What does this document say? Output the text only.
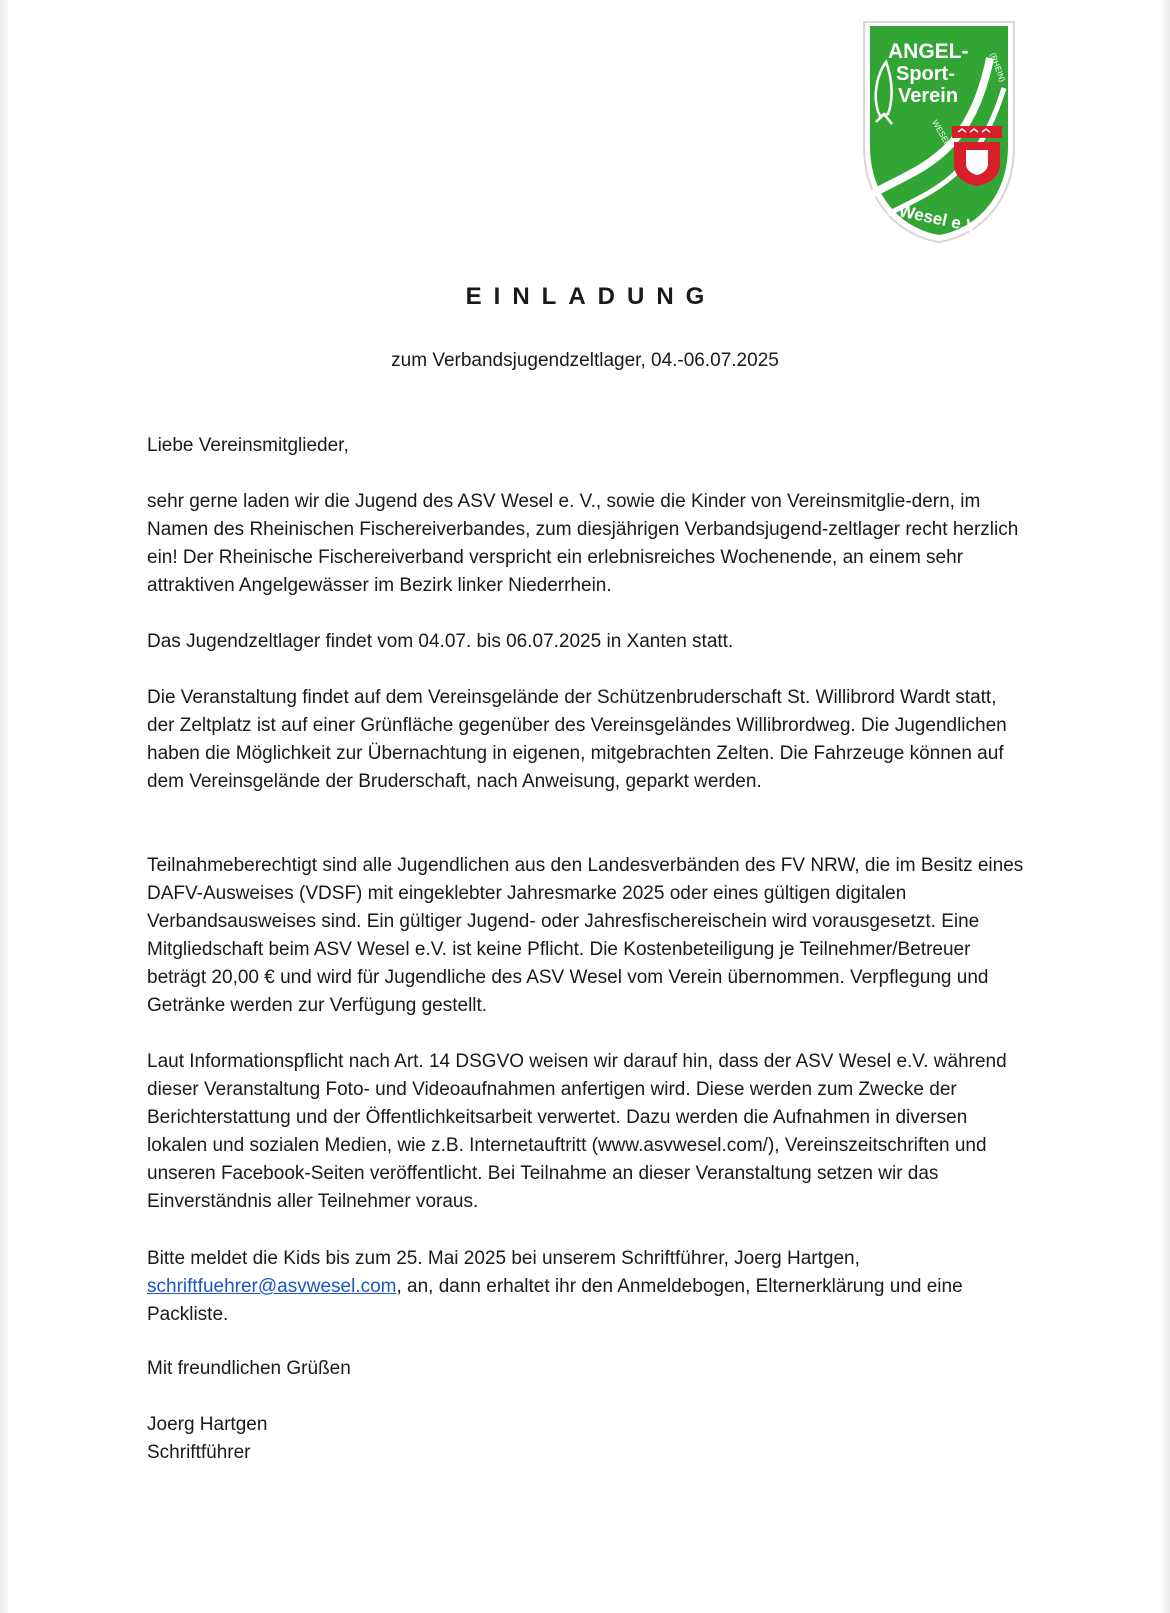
ANGEL-
Sport-
Verein
(RHEIN)
WESEL
Wesel e.V.
EINLADUNG
zum Verbandsjugendzeltlager, 04.-06.07.2025

Liebe Vereinsmitglieder,

sehr gerne laden wir die Jugend des ASV Wesel e. V., sowie die Kinder von Vereinsmitglie-dern, im Namen des Rheinischen Fischereiverbandes, zum diesjährigen Verbandsjugend-zeltlager recht herzlich ein! Der Rheinische Fischereiverband verspricht ein erlebnisreiches Wochenende, an einem sehr attraktiven Angelgewässer im Bezirk linker Niederrhein.

Das Jugendzeltlager findet vom 04.07. bis 06.07.2025 in Xanten statt.

Die Veranstaltung findet auf dem Vereinsgelände der Schützenbruderschaft St. Willibrord Wardt statt, der Zeltplatz ist auf einer Grünfläche gegenüber des Vereinsgeländes Willibrordweg. Die Jugendlichen haben die Möglichkeit zur Übernachtung in eigenen, mitgebrachten Zelten. Die Fahrzeuge können auf dem Vereinsgelände der Bruderschaft, nach Anweisung, geparkt werden.

Teilnahmeberechtigt sind alle Jugendlichen aus den Landesverbänden des FV NRW, die im Besitz eines DAFV-Ausweises (VDSF) mit eingeklebter Jahresmarke 2025 oder eines gültigen digitalen Verbandsausweises sind. Ein gültiger Jugend- oder Jahresfischereischein wird vorausgesetzt. Eine Mitgliedschaft beim ASV Wesel e.V. ist keine Pflicht. Die Kostenbeteiligung je Teilnehmer/Betreuer beträgt 20,00 € und wird für Jugendliche des ASV Wesel vom Verein übernommen. Verpflegung und Getränke werden zur Verfügung gestellt.

Laut Informationspflicht nach Art. 14 DSGVO weisen wir darauf hin, dass der ASV Wesel e.V. während dieser Veranstaltung Foto- und Videoaufnahmen anfertigen wird. Diese werden zum Zwecke der Berichterstattung und der Öffentlichkeitsarbeit verwertet. Dazu werden die Aufnahmen in diversen lokalen und sozialen Medien, wie z.B. Internetauftritt (www.asvwesel.com/), Vereinszeitschriften und unseren Facebook-Seiten veröffentlicht. Bei Teilnahme an dieser Veranstaltung setzen wir das Einverständnis aller Teilnehmer voraus.

Bitte meldet die Kids bis zum 25. Mai 2025 bei unserem Schriftführer, Joerg Hartgen, schriftfuehrer@asvwesel.com, an, dann erhaltet ihr den Anmeldebogen, Elternerklärung und eine Packliste.

Mit freundlichen Grüßen

Joerg Hartgen

Schriftführer
